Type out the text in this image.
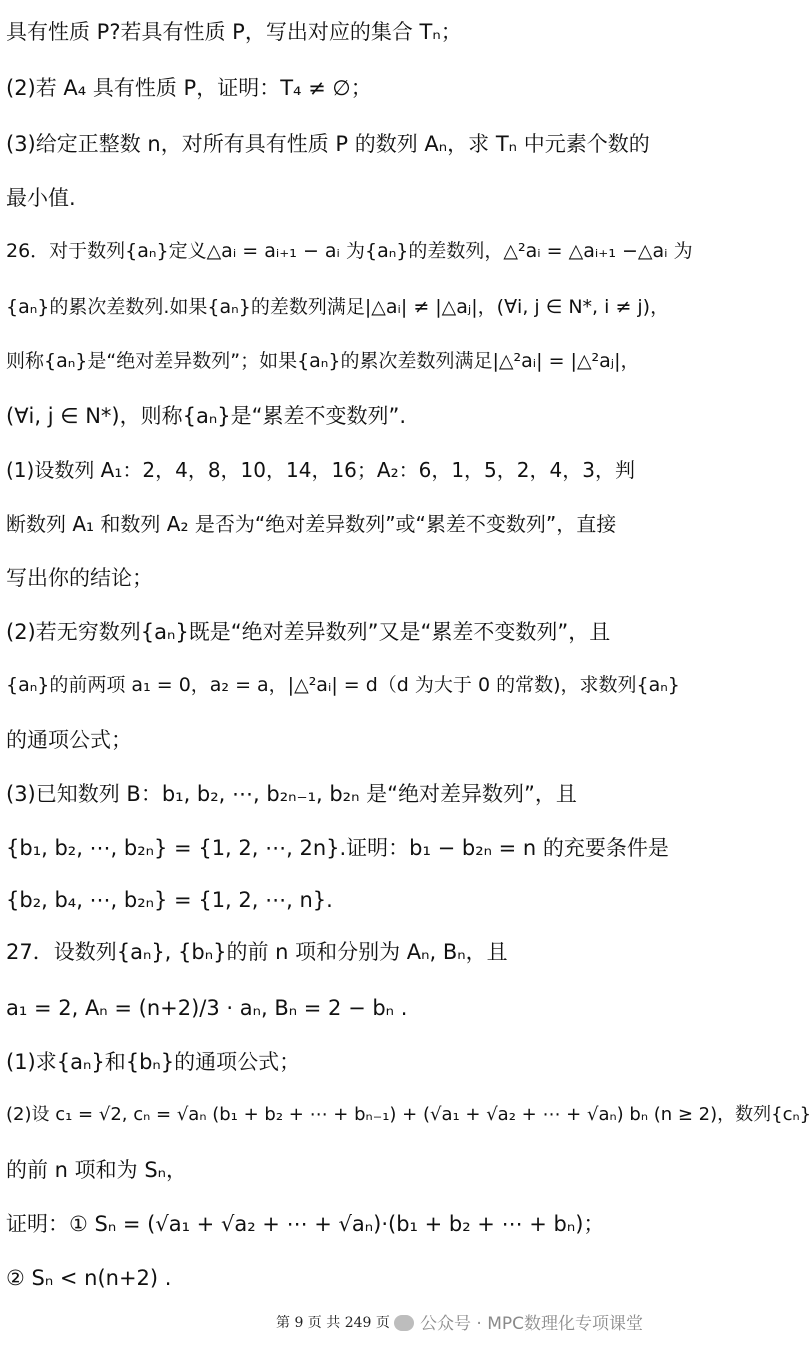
具有性质 P?若具有性质 P，写出对应的集合 Tₙ；
(2)若 A₄ 具有性质 P，证明：T₄ ≠ ∅；
(3)给定正整数 n，对所有具有性质 P 的数列 Aₙ，求 Tₙ 中元素个数的
最小值.
26．对于数列{aₙ}定义△aᵢ = aᵢ₊₁ − aᵢ 为{aₙ}的差数列，△²aᵢ = △aᵢ₊₁ −△aᵢ 为
{aₙ}的累次差数列.如果{aₙ}的差数列满足|△aᵢ| ≠ |△aⱼ|，(∀i, j ∈ N*, i ≠ j)，
则称{aₙ}是“绝对差异数列”；如果{aₙ}的累次差数列满足|△²aᵢ| = |△²aⱼ|，
(∀i, j ∈ N*)，则称{aₙ}是“累差不变数列”.
(1)设数列 A₁：2，4，8，10，14，16；A₂：6，1，5，2，4，3，判
断数列 A₁ 和数列 A₂ 是否为“绝对差异数列”或“累差不变数列”，直接
写出你的结论；
(2)若无穷数列{aₙ}既是“绝对差异数列”又是“累差不变数列”，且
{aₙ}的前两项 a₁ = 0，a₂ = a，|△²aᵢ| = d（d 为大于 0 的常数)，求数列{aₙ}
的通项公式；
(3)已知数列 B：b₁, b₂, ⋯, b₂ₙ₋₁, b₂ₙ 是“绝对差异数列”，且
{b₁, b₂, ⋯, b₂ₙ} = {1, 2, ⋯, 2n}.证明：b₁ − b₂ₙ = n 的充要条件是
{b₂, b₄, ⋯, b₂ₙ} = {1, 2, ⋯, n}.
27．设数列{aₙ}, {bₙ}的前 n 项和分别为 Aₙ, Bₙ，且
a₁ = 2, Aₙ = (n+2)/3 · aₙ, Bₙ = 2 − bₙ .
(1)求{aₙ}和{bₙ}的通项公式；
(2)设 c₁ = √2, cₙ = √aₙ (b₁ + b₂ + ⋯ + bₙ₋₁) + (√a₁ + √a₂ + ⋯ + √aₙ) bₙ (n ≥ 2)，数列{cₙ}
的前 n 项和为 Sₙ，
证明：① Sₙ = (√a₁ + √a₂ + ⋯ + √aₙ)·(b₁ + b₂ + ⋯ + bₙ)；
② Sₙ < n(n+2) .
第 9 页 共 249 页	公众号 · MPC数理化专项课堂
